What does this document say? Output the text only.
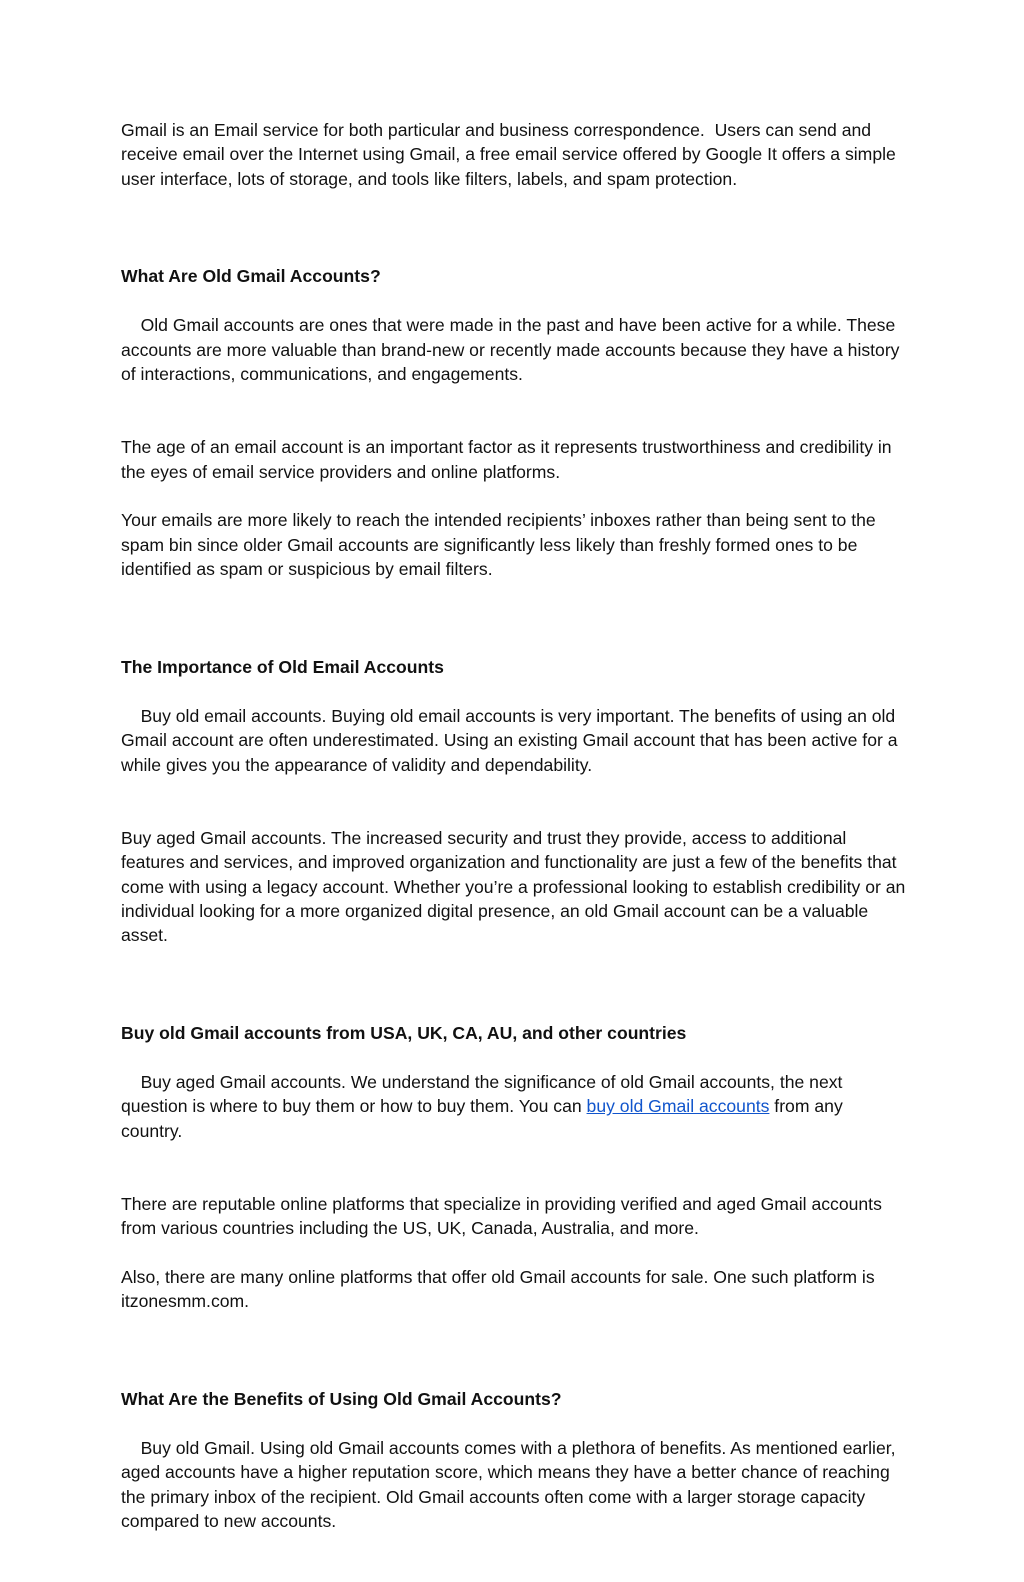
Gmail is an Email service for both particular and business correspondence.  Users can send and receive email over the Internet using Gmail, a free email service offered by Google It offers a simple user interface, lots of storage, and tools like filters, labels, and spam protection.

What Are Old Gmail Accounts?

Old Gmail accounts are ones that were made in the past and have been active for a while. These accounts are more valuable than brand-new or recently made accounts because they have a history of interactions, communications, and engagements.

The age of an email account is an important factor as it represents trustworthiness and credibility in the eyes of email service providers and online platforms.

Your emails are more likely to reach the intended recipients’ inboxes rather than being sent to the spam bin since older Gmail accounts are significantly less likely than freshly formed ones to be identified as spam or suspicious by email filters.

The Importance of Old Email Accounts

Buy old email accounts. Buying old email accounts is very important. The benefits of using an old Gmail account are often underestimated. Using an existing Gmail account that has been active for a while gives you the appearance of validity and dependability.

Buy aged Gmail accounts. The increased security and trust they provide, access to additional features and services, and improved organization and functionality are just a few of the benefits that come with using a legacy account. Whether you’re a professional looking to establish credibility or an individual looking for a more organized digital presence, an old Gmail account can be a valuable asset.

Buy old Gmail accounts from USA, UK, CA, AU, and other countries

Buy aged Gmail accounts. We understand the significance of old Gmail accounts, the next question is where to buy them or how to buy them. You can buy old Gmail accounts from any country.

There are reputable online platforms that specialize in providing verified and aged Gmail accounts from various countries including the US, UK, Canada, Australia, and more.

Also, there are many online platforms that offer old Gmail accounts for sale. One such platform is itzonesmm.com.

What Are the Benefits of Using Old Gmail Accounts?

Buy old Gmail. Using old Gmail accounts comes with a plethora of benefits. As mentioned earlier, aged accounts have a higher reputation score, which means they have a better chance of reaching the primary inbox of the recipient. Old Gmail accounts often come with a larger storage capacity compared to new accounts.
